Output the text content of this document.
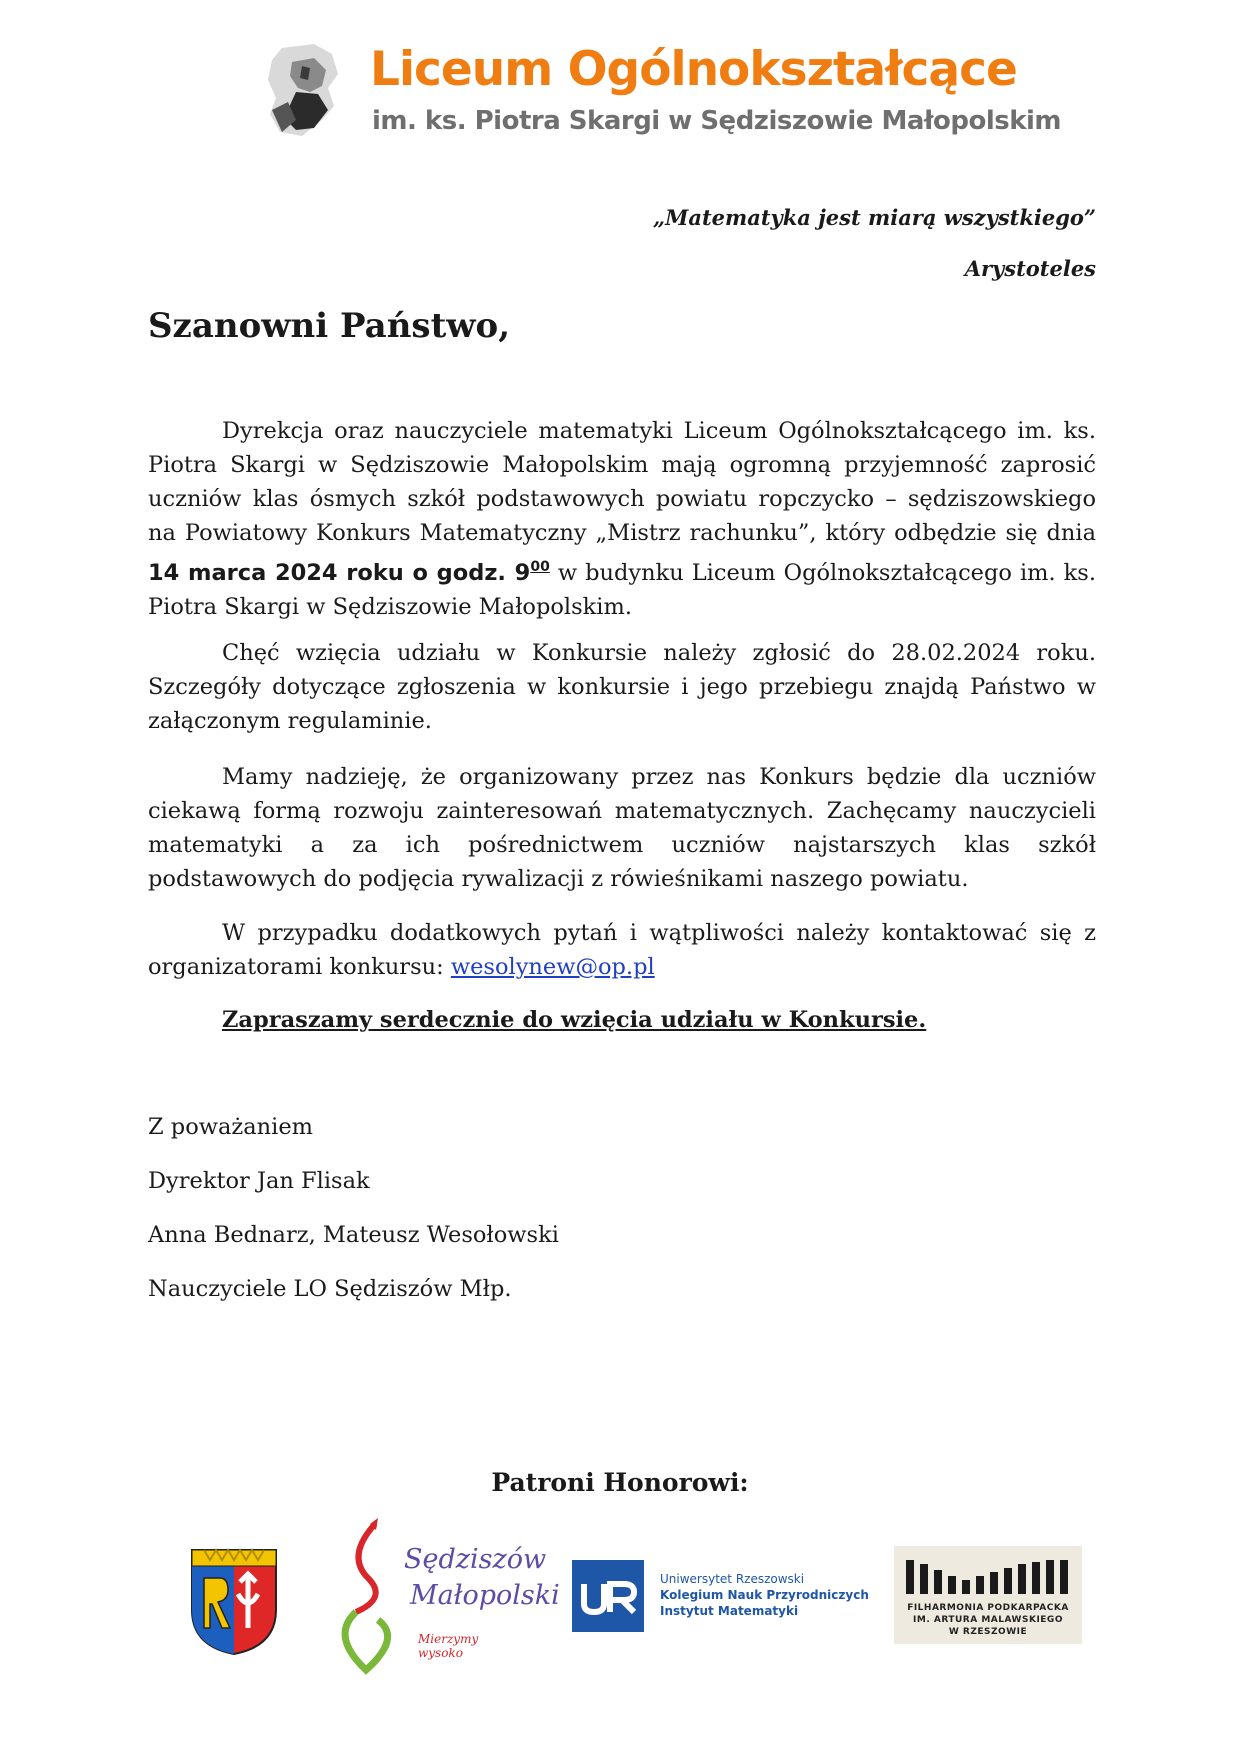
Liceum Ogólnokształcące
im. ks. Piotra Skargi w Sędziszowie Małopolskim
„Matematyka jest miarą wszystkiego”
Arystoteles
Szanowni Państwo,

Dyrekcja oraz nauczyciele matematyki Liceum Ogólnokształcącego im. ks. Piotra Skargi w Sędziszowie Małopolskim mają ogromną przyjemność zaprosić uczniów klas ósmych szkół podstawowych powiatu ropczycko – sędziszowskiego na Powiatowy Konkurs Matematyczny „Mistrz rachunku”, który odbędzie się dnia 14 marca 2024 roku o godz. $9^{00}$ w budynku Liceum Ogólnokształcącego im. ks. Piotra Skargi w Sędziszowie Małopolskim.

Chęć wzięcia udziału w Konkursie należy zgłosić do 28.02.2024 roku. Szczegóły dotyczące zgłoszenia w konkursie i jego przebiegu znajdą Państwo w załączonym regulaminie.

Mamy nadzieję, że organizowany przez nas Konkurs będzie dla uczniów ciekawą formą rozwoju zainteresowań matematycznych. Zachęcamy nauczycieli matematyki a za ich pośrednictwem uczniów najstarszych klas szkół podstawowych do podjęcia rywalizacji z rówieśnikami naszego powiatu.

W przypadku dodatkowych pytań i wątpliwości należy kontaktować się z organizatorami konkursu: wesolynew@op.pl

Zapraszamy serdecznie do wzięcia udziału w Konkursie.
Z poważaniem
Dyrektor Jan Flisak
Anna Bednarz, Mateusz Wesołowski
Nauczyciele LO Sędziszów Młp.
Patroni Honorowi:
Sędziszów
Małopolski
Mierzymy wysoko
Uniwersytet Rzeszowski
Kolegium Nauk Przyrodniczych
Instytut Matematyki	FILHARMONIA PODKARPACKA
IM. ARTURA MALAWSKIEGO
W RZESZOWIE
